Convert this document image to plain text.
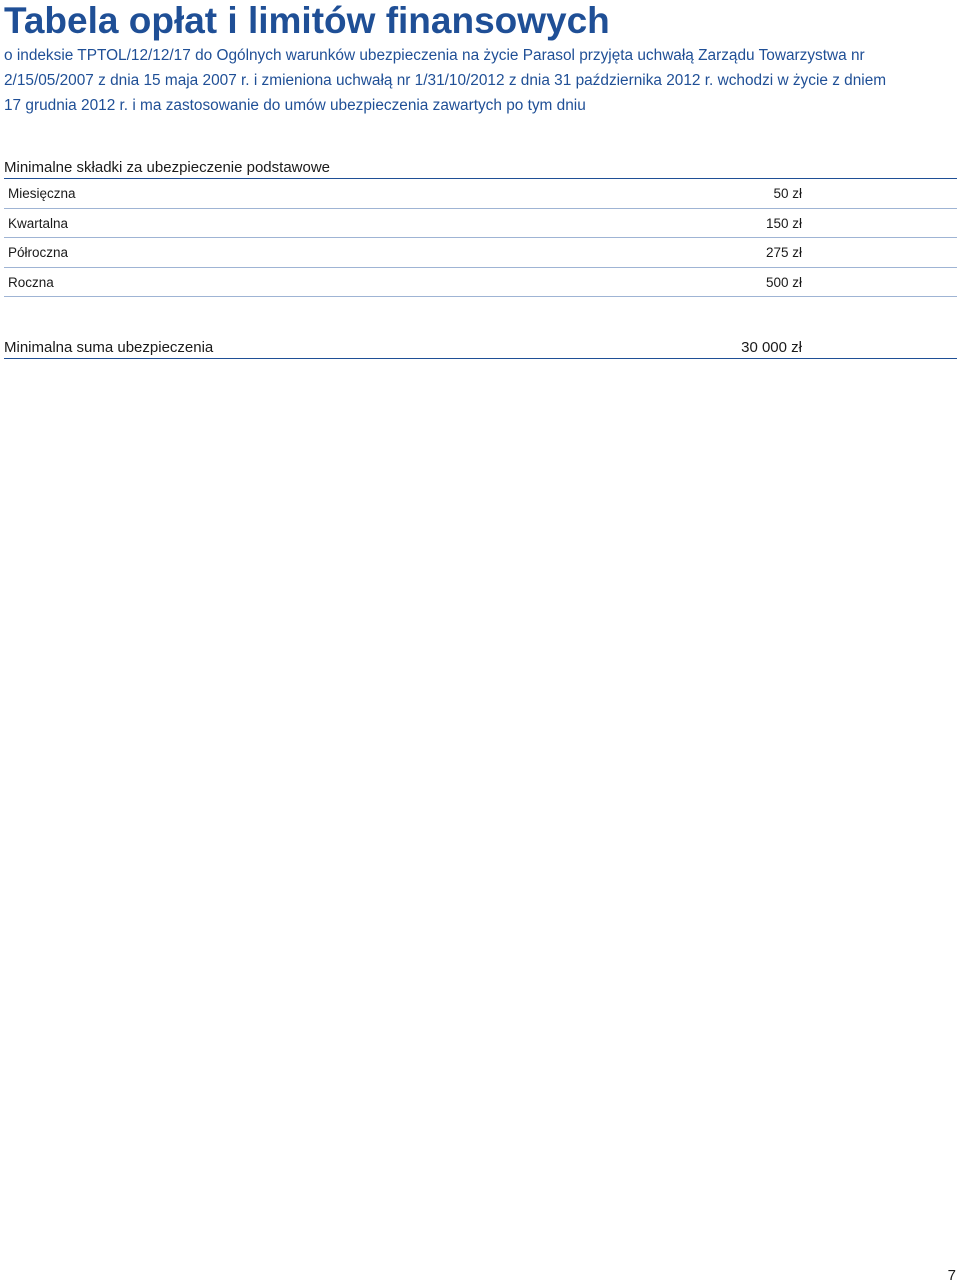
Tabela opłat i limitów finansowych

o indeksie TPTOL/12/12/17 do Ogólnych warunków ubezpieczenia na życie Parasol przyjęta uchwałą Zarządu Towarzystwa nr 2/15/05/2007 z dnia 15 maja 2007 r. i zmieniona uchwałą nr 1/31/10/2012 z dnia 31 października 2012 r. wchodzi w życie z dniem 17 grudnia 2012 r. i ma zastosowanie do umów ubezpieczenia zawartych po tym dniu

Minimalne składki za ubezpieczenie podstawowe
Miesięczna	50 zł
Kwartalna	150 zł
Półroczna	275 zł
Roczna	500 zł
Minimalna suma ubezpieczenia	30 000 zł
7
